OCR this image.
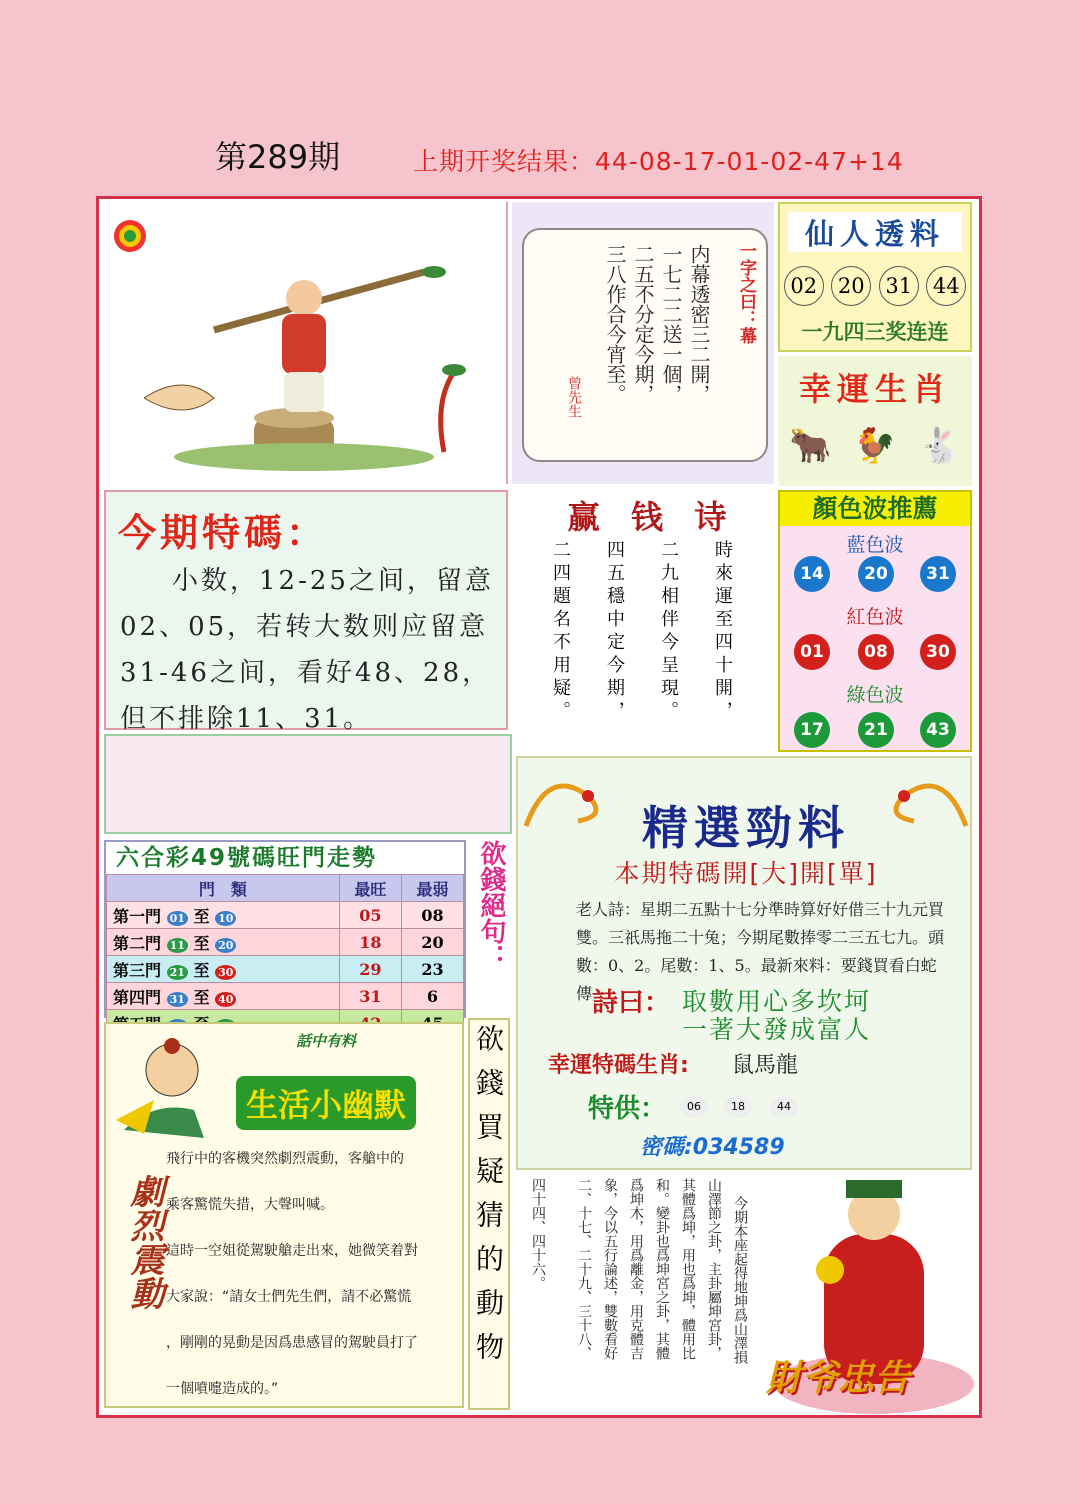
第289期	上期开奖结果：44-08-17-01-02-47+14
一字之曰：幕
内幕透密三二開，
一七二二送一個，
二五不分定今期，
三八作合今宵至。
曾先生
仙人透料
02 20 31 44
一九四三奖连连
幸運生肖
🐂 🐓 🐇
顏色波推薦
藍色波
14	20	31
紅色波
01	08	30
綠色波
17	21	43
今期特碼：
小数，12-25之间，留意02、05，若转大数则应留意31-46之间，看好48、28，但不排除11、31。
赢 钱 诗
時來運至四十開，
二九相伴今呈現。
四五穩中定今期，
二四題名不用疑。
六合彩49號碼旺門走勢
門　類	最旺	最弱
第一門 01 至 10	05	08
第二門 11 至 20	18	20
第三門 21 至 30	29	23
第四門 31 至 40	31	6

欲錢絕句：
精選勁料
本期特碼開[大]開[單]
老人詩：星期二五點十七分準時算好好借三十九元買雙。三祇馬拖二十兔；今期尾數捧零二三五七九。頭數：0、2。尾數：1、5。最新來料：要錢買看白蛇傳 詩曰： 取數用心多坎坷
一著大發成富人
幸運特碼生肖: 鼠馬龍
特供：	06	18	44
密碼:034589
話中有料
生活小幽默
劇烈震動
飛行中的客機突然劇烈震動，客艙中的
乘客驚慌失措，大聲叫喊。
這時一空姐從駕駛艙走出來，她微笑着對
大家說：“請女士們先生們，請不必驚慌
，剛剛的晃動是因爲患感冒的駕駛員打了
一個噴嚏造成的。”
欲錢買疑猜的動物	今期本座起得地坤爲山澤損
山澤節之卦，主卦屬坤宮卦，
其體爲坤，用也爲坤，體用比
和。變卦也爲坤宮之卦，其體
爲坤木，用爲離金，用克體吉
象，今以五行論述，雙數看好
二、十七、二十九、三十八、
四十四、四十六。
財爷忠告
